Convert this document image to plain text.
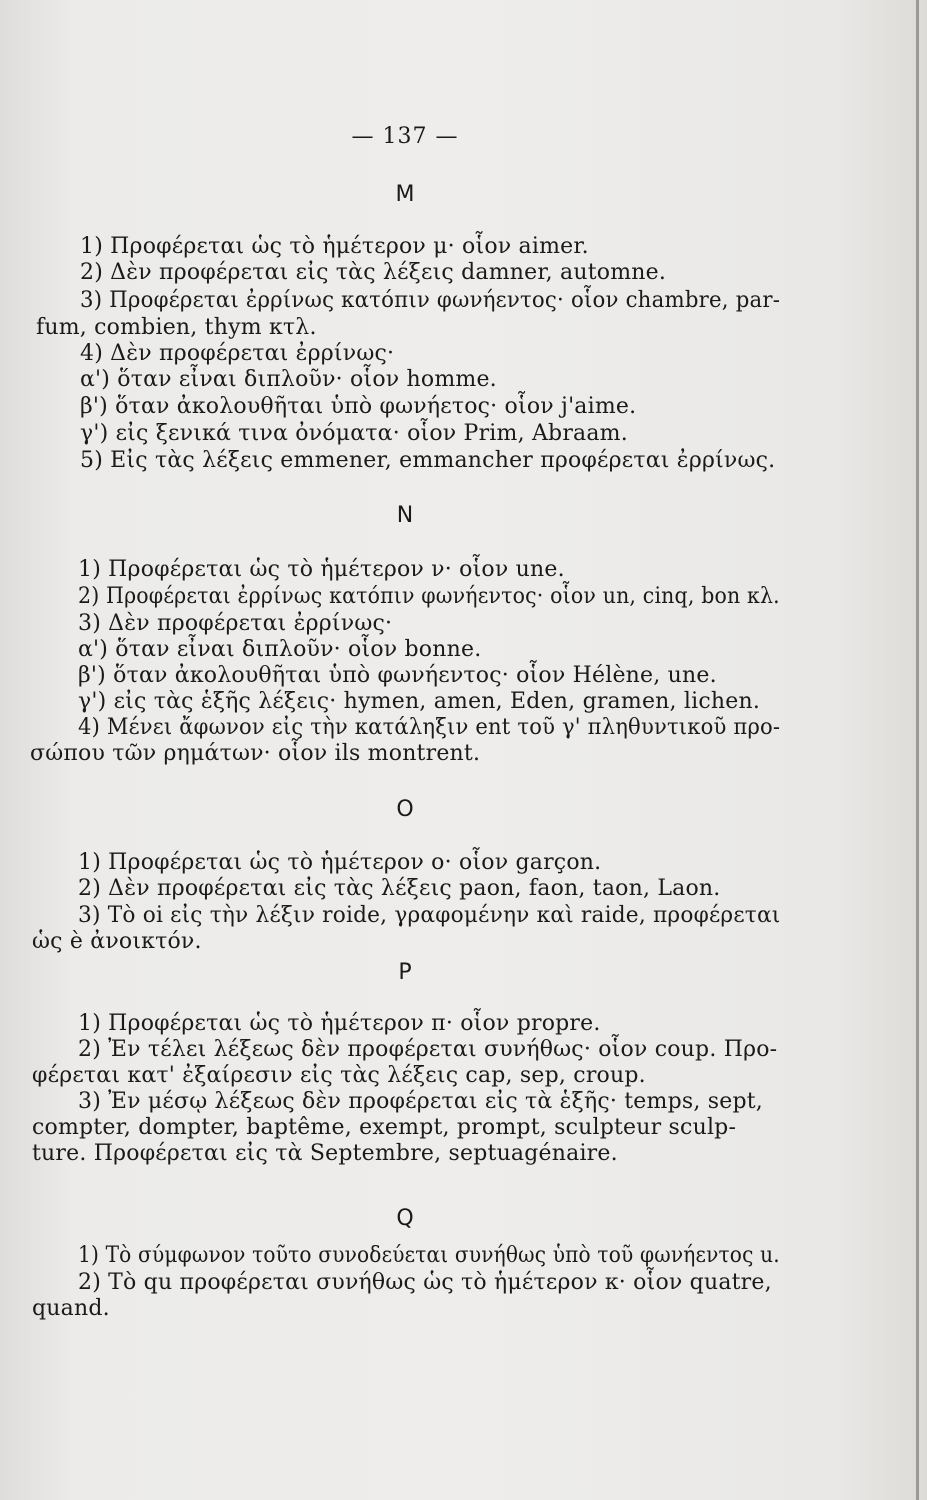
— 137 —
M
1) Προφέρεται ὡς τὸ ἡμέτερον μ· οἷον aimer.
2) Δὲν προφέρεται εἰς τὰς λέξεις damner, automne.
3) Προφέρεται ἐρρίνως κατόπιν φωνήεντος· οἷον chambre, par-
fum, combien, thym κτλ.
4) Δὲν προφέρεται ἐρρίνως·
α') ὅταν εἶναι διπλοῦν· οἷον homme.
β') ὅταν ἀκολουθῆται ὑπὸ φωνήετος· οἷον j'aime.
γ') εἰς ξενικά τινα ὀνόματα· οἷον Prim, Abraam.
5) Εἰς τὰς λέξεις emmener, emmancher προφέρεται ἐρρίνως.
N
1) Προφέρεται ὡς τὸ ἡμέτερον ν· οἷον une.
2) Προφέρεται ἐρρίνως κατόπιν φωνήεντος· οἷον un, cinq, bon κλ.
3) Δὲν προφέρεται ἐρρίνως·
α') ὅταν εἶναι διπλοῦν· οἷον bonne.
β') ὅταν ἀκολουθῆται ὑπὸ φωνήεντος· οἷον Hélène, une.
γ') εἰς τὰς ἑξῆς λέξεις· hymen, amen, Eden, gramen, lichen.
4) Μένει ἄφωνον εἰς τὴν κατάληξιν ent τοῦ γ' πληθυντικοῦ προ-
σώπου τῶν ρημάτων· οἷον ils montrent.
O
1) Προφέρεται ὡς τὸ ἡμέτερον ο· οἷον garçon.
2) Δὲν προφέρεται εἰς τὰς λέξεις paon, faon, taon, Laon.
3) Τὸ oi εἰς τὴν λέξιν roide, γραφομένην καὶ raide, προφέρεται
ὡς è ἀνοικτόν.
P
1) Προφέρεται ὡς τὸ ἡμέτερον π· οἷον propre.
2) Ἐν τέλει λέξεως δὲν προφέρεται συνήθως· οἷον coup. Προ-
φέρεται κατ' ἐξαίρεσιν εἰς τὰς λέξεις cap, sep, croup.
3) Ἐν μέσῳ λέξεως δὲν προφέρεται εἰς τὰ ἑξῆς· temps, sept,
compter, dompter, baptême, exempt, prompt, sculpteur sculp-
ture. Προφέρεται εἰς τὰ Septembre, septuagénaire.
Q
1) Τὸ σύμφωνον τοῦτο συνοδεύεται συνήθως ὑπὸ τοῦ φωνήεντος u.
2) Τὸ qu προφέρεται συνήθως ὡς τὸ ἡμέτερον κ· οἷον quatre,
quand.
